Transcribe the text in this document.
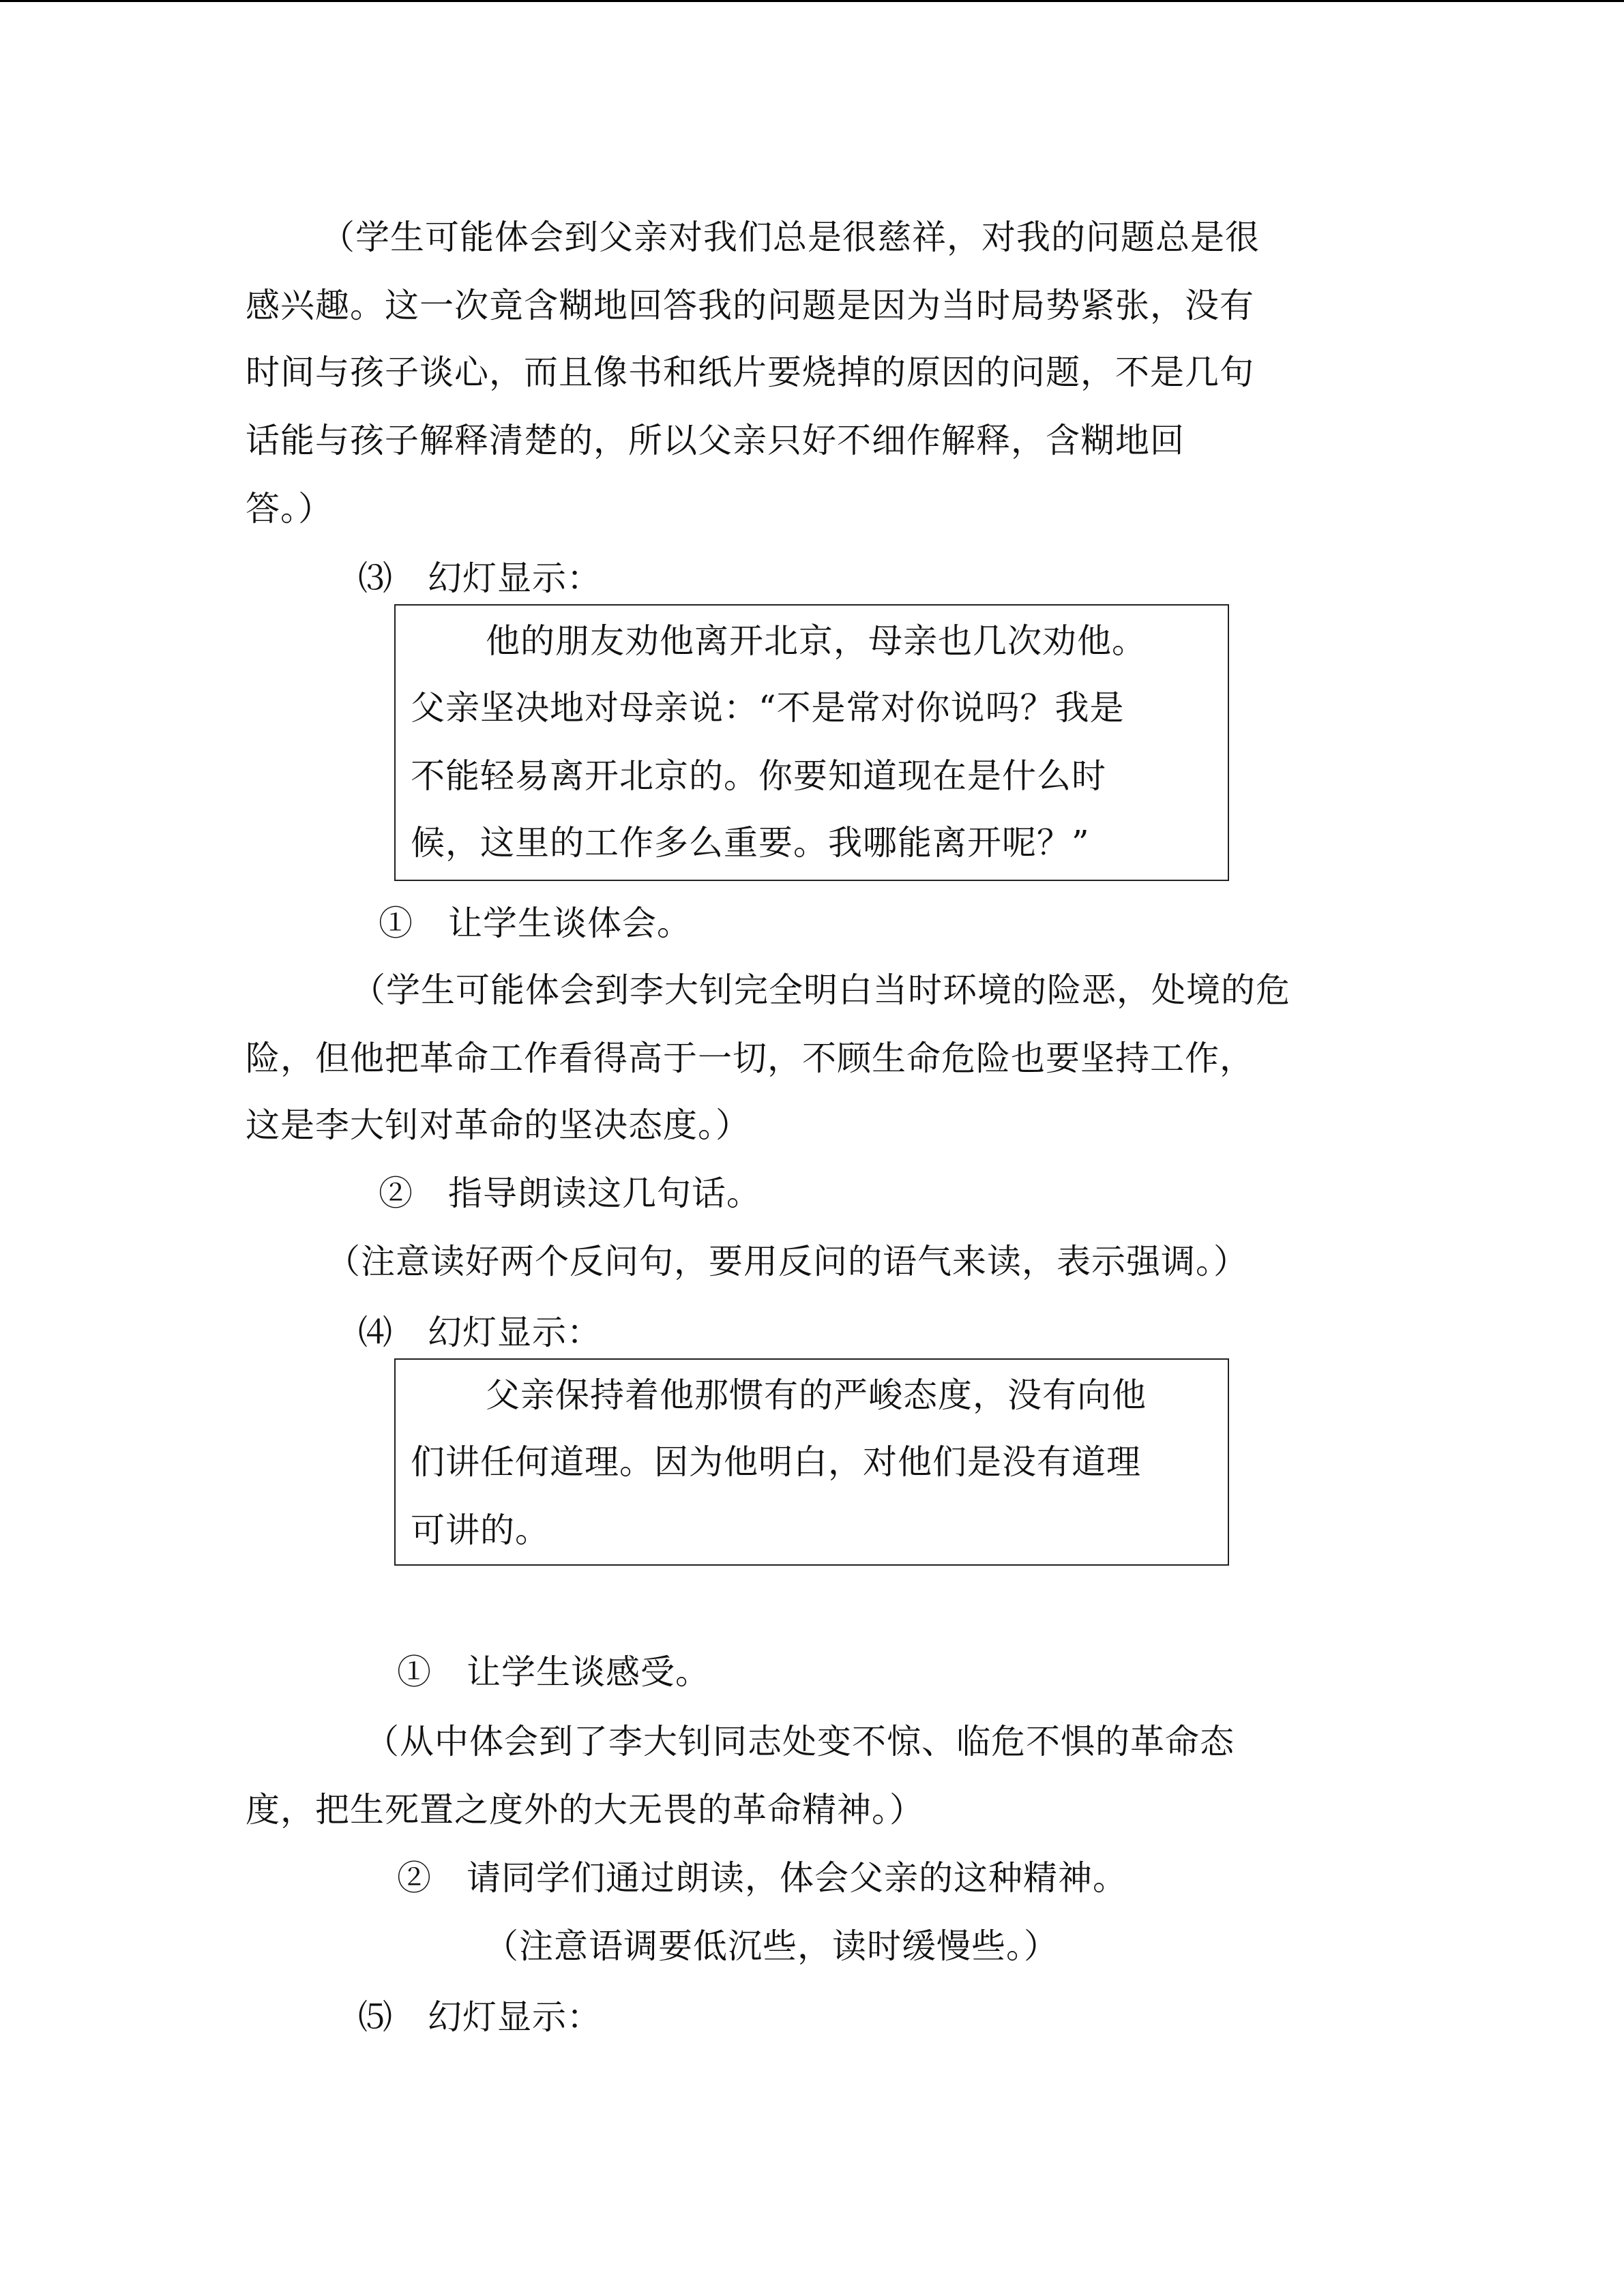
（学生可能体会到父亲对我们总是很慈祥，对我的问题总是很
感兴趣。这一次竟含糊地回答我的问题是因为当时局势紧张，没有
时间与孩子谈心，而且像书和纸片要烧掉的原因的问题，不是几句
话能与孩子解释清楚的，所以父亲只好不细作解释，含糊地回
答。）
⑶　幻灯显示：
他的朋友劝他离开北京，母亲也几次劝他。
父亲坚决地对母亲说：“不是常对你说吗？我是
不能轻易离开北京的。你要知道现在是什么时
候，这里的工作多么重要。我哪能离开呢？”
①　让学生谈体会。
（学生可能体会到李大钊完全明白当时环境的险恶，处境的危
险，但他把革命工作看得高于一切，不顾生命危险也要坚持工作，
这是李大钊对革命的坚决态度。）
②　指导朗读这几句话。
（注意读好两个反问句，要用反问的语气来读，表示强调。）
⑷　幻灯显示：
父亲保持着他那惯有的严峻态度，没有向他
们讲任何道理。因为他明白，对他们是没有道理
可讲的。
①　让学生谈感受。
（从中体会到了李大钊同志处变不惊、临危不惧的革命态
度，把生死置之度外的大无畏的革命精神。）
②　请同学们通过朗读，体会父亲的这种精神。
（注意语调要低沉些，读时缓慢些。）
⑸　幻灯显示：
